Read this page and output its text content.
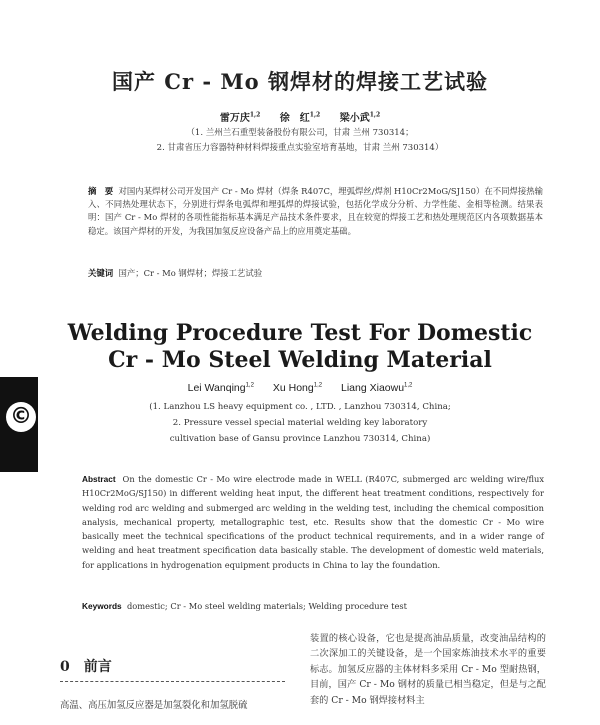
国产 Cr - Mo 钢焊材的焊接工艺试验
雷万庆$^{1,2}$ 徐　红$^{1,2}$ 梁小武$^{1,2}$
（1. 兰州兰石重型装备股份有限公司，甘肃 兰州 730314；
2. 甘肃省压力容器特种材料焊接重点实验室培育基地，甘肃 兰州 730314）
摘　要 对国内某焊材公司开发国产 Cr - Mo 焊材（焊条 R407C，埋弧焊丝/焊剂 H10Cr2MoG/SJ150）在不同焊接热输入、不同热处理状态下，分别进行焊条电弧焊和埋弧焊的焊接试验，包括化学成分分析、力学性能、金相等检测。结果表明：国产 Cr - Mo 焊材的各项性能指标基本满足产品技术条件要求，且在较宽的焊接工艺和热处理规范区内各项数据基本稳定。该国产焊材的开发，为我国加氢反应设备产品上的应用奠定基础。
关键词 国产；Cr - Mo 钢焊材；焊接工艺试验
Welding Procedure Test For Domestic
Cr - Mo Steel Welding Material
Lei Wanqing$^{1,2}$ Xu Hong$^{1,2}$ Liang Xiaowu$^{1,2}$
(1. Lanzhou LS heavy equipment co. , LTD. , Lanzhou 730314, China;
2. Pressure vessel special material welding key laboratory
cultivation base of Gansu province Lanzhou 730314, China)
©
Abstract On the domestic Cr - Mo wire electrode made in WELL (R407C, submerged arc welding wire/flux H10Cr2MoG/SJ150) in different welding heat input, the different heat treatment conditions, respectively for welding rod arc welding and submerged arc welding in the welding test, including the chemical composition analysis, mechanical property, metallographic test, etc. Results show that the domestic Cr - Mo wire basically meet the technical specifications of the product technical requirements, and in a wider range of welding and heat treatment specification data basically stable. The development of domestic weld materials, for applications in hydrogenation equipment products in China to lay the foundation.
Keywords domestic; Cr - Mo steel welding materials; Welding procedure test
0 前言
高温、高压加氢反应器是加氢裂化和加氢脱硫
装置的核心设备，它也是提高油品质量，改变油品结构的二次深加工的关键设备，是一个国家炼油技术水平的重要标志。加氢反应器的主体材料多采用 Cr - Mo 型耐热钢，目前，国产 Cr - Mo 钢材的质量已相当稳定，但是与之配套的 Cr - Mo 钢焊接材料主
